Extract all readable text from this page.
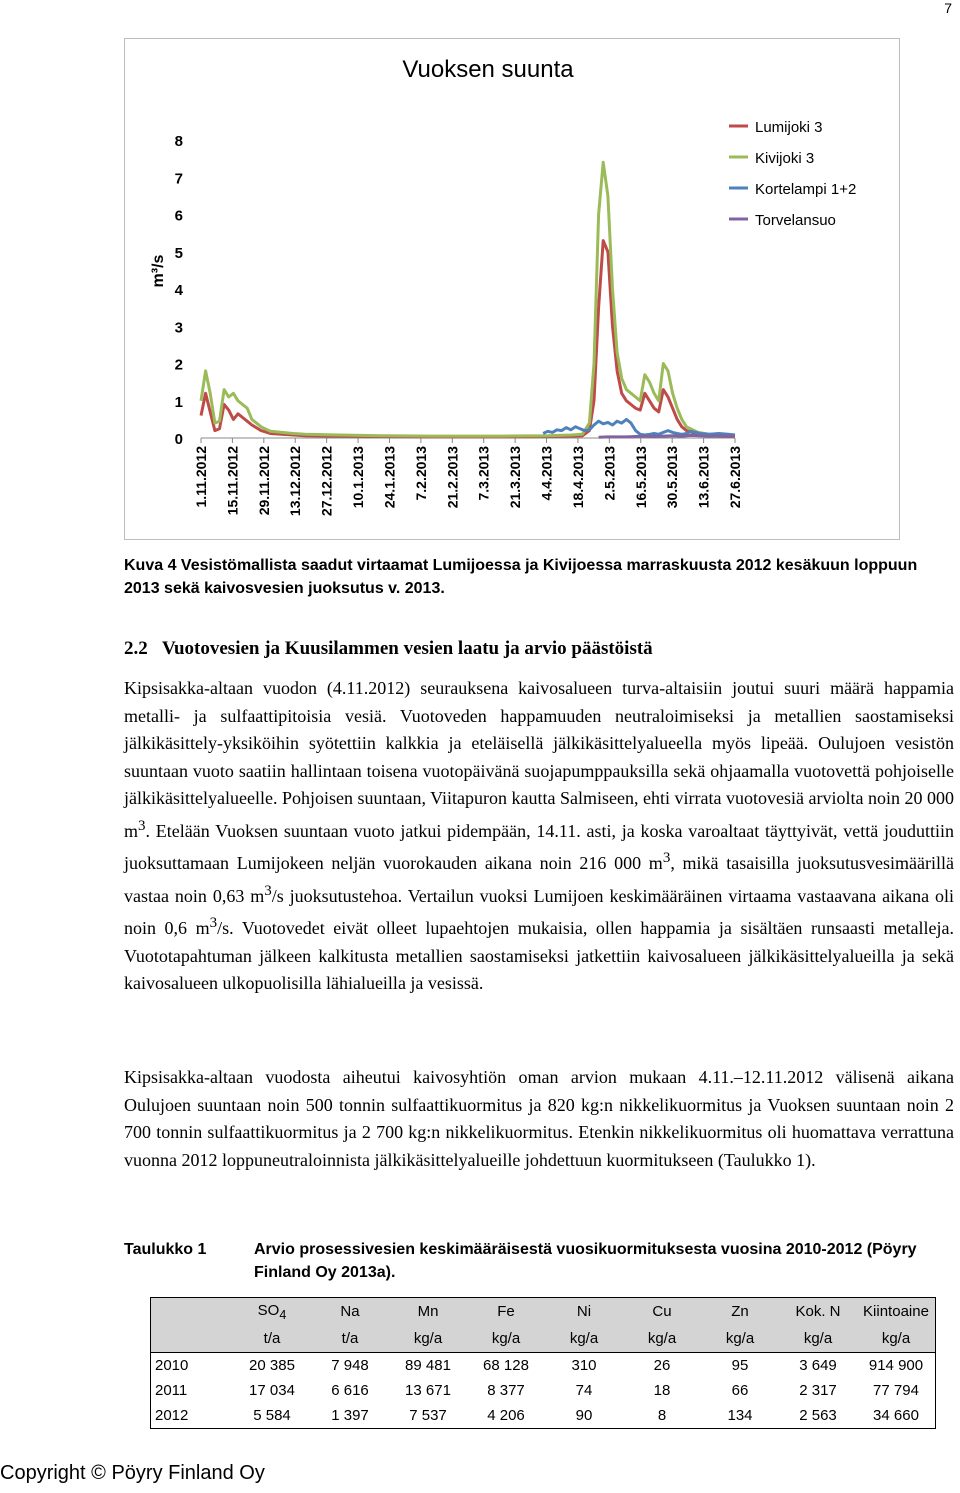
7
Vuoksen suunta
m³/s
0
1
2
3
4
5
6
7
8
1.11.2012 15.11.2012 29.11.2012 13.12.2012 27.12.2012 10.1.2013 24.1.2013 7.2.2013 21.2.2013 7.3.2013 21.3.2013 4.4.2013 18.4.2013 2.5.2013 16.5.2013 30.5.2013 13.6.2013 27.6.2013
Lumijoki 3
Kivijoki 3
Kortelampi 1+2
Torvelansuo
Kuva 4 Vesistömallista saadut virtaamat Lumijoessa ja Kivijoessa marraskuusta 2012 kesäkuun loppuun 2013 sekä kaivosvesien juoksutus v. 2013.
2.2 Vuotovesien ja Kuusilammen vesien laatu ja arvio päästöistä

Kipsisakka-altaan vuodon (4.11.2012) seurauksena kaivosalueen turva-altaisiin joutui suuri määrä happamia metalli- ja sulfaattipitoisia vesiä. Vuotoveden happamuuden neutraloimiseksi ja metallien saostamiseksi jälkikäsittely-yksiköihin syötettiin kalkkia ja eteläisellä jälkikäsittelyalueella myös lipeää. Oulujoen vesistön suuntaan vuoto saatiin hallintaan toisena vuotopäivänä suojapumppauksilla sekä ohjaamalla vuotovettä pohjoiselle jälkikäsittelyalueelle. Pohjoisen suuntaan, Viitapuron kautta Salmiseen, ehti virrata vuotovesiä arviolta noin 20 000 $m^3$. Etelään Vuoksen suuntaan vuoto jatkui pidempään, 14.11. asti, ja koska varoaltaat täyttyivät, vettä jouduttiin juoksuttamaan Lumijokeen neljän vuorokauden aikana noin 216 000 $m^3$, mikä tasaisilla juoksutusvesimäärillä vastaa noin 0,63 $m^3/s$ juoksutustehoa. Vertailun vuoksi Lumijoen keskimääräinen virtaama vastaavana aikana oli noin 0,6 $m^3/s$. Vuotovedet eivät olleet lupaehtojen mukaisia, ollen happamia ja sisältäen runsaasti metalleja. Vuototapahtuman jälkeen kalkitusta metallien saostamiseksi jatkettiin kaivosalueen jälkikäsittelyalueilla ja sekä kaivosalueen ulkopuolisilla lähialueilla ja vesissä.

Kipsisakka-altaan vuodosta aiheutui kaivosyhtiön oman arvion mukaan 4.11.–12.11.2012 välisenä aikana Oulujoen suuntaan noin 500 tonnin sulfaattikuormitus ja 820 kg:n nikkelikuormitus ja Vuoksen suuntaan noin 2 700 tonnin sulfaattikuormitus ja 2 700 kg:n nikkelikuormitus. Etenkin nikkelikuormitus oli huomattava verrattuna vuonna 2012 loppuneutraloinnista jälkikäsittelyalueille johdettuun kuormitukseen (Taulukko 1).

Taulukko 1	Arvio prosessivesien keskimääräisestä vuosikuormituksesta vuosina 2010-2012 (Pöyry Finland Oy 2013a).
	$SO_4$	Na	Mn	Fe	Ni	Cu	Zn	Kok. N	Kiintoaine
	t/a	t/a	kg/a	kg/a	kg/a	kg/a	kg/a	kg/a	kg/a
2010	20 385	7 948	89 481	68 128	310	26	95	3 649	914 900
2011	17 034	6 616	13 671	8 377	74	18	66	2 317	77 794
2012	5 584	1 397	7 537	4 206	90	8	134	2 563	34 660
Copyright © Pöyry Finland Oy
